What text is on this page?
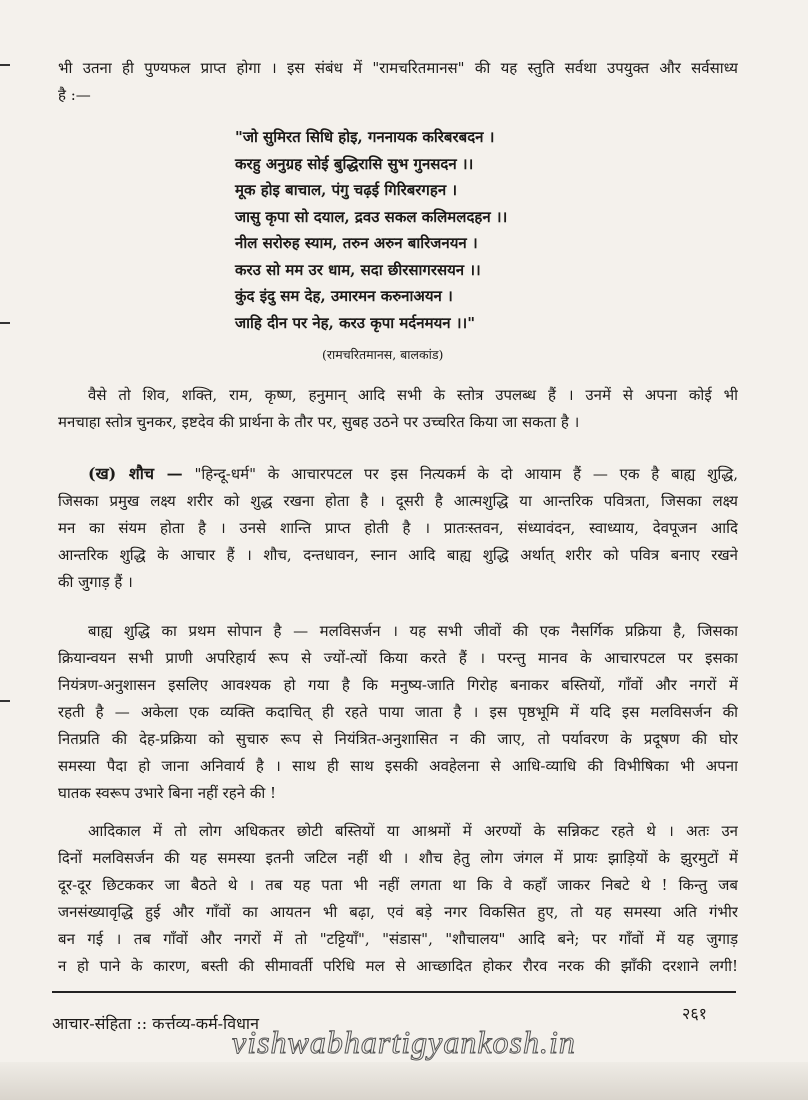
भी उतना ही पुण्यफल प्राप्त होगा । इस संबंध में "रामचरितमानस" की यह स्तुति सर्वथा उपयुक्त और सर्वसाध्य
है :—
"जो सुमिरत सिधि होइ, गननायक करिबरबदन ।
करहु अनुग्रह सोई बुद्धिरासि सुभ गुनसदन ।।
मूक होइ बाचाल, पंगु चढ़ई गिरिबरगहन ।
जासु कृपा सो दयाल, द्रवउ सकल कलिमलदहन ।।
नील सरोरुह स्याम, तरुन अरुन बारिजनयन ।
करउ सो मम उर धाम, सदा छीरसागरसयन ।।
कुंद इंदु सम देह, उमारमन करुनाअयन ।
जाहि दीन पर नेह, करउ कृपा मर्दनमयन ।।"
(रामचरितमानस, बालकांड)
वैसे तो शिव, शक्ति, राम, कृष्ण, हनुमान् आदि सभी के स्तोत्र उपलब्ध हैं । उनमें से अपना कोई भी
मनचाहा स्तोत्र चुनकर, इष्टदेव की प्रार्थना के तौर पर, सुबह उठने पर उच्चरित किया जा सकता है ।
(ख) शौच — "हिन्दू-धर्म" के आचारपटल पर इस नित्यकर्म के दो आयाम हैं — एक है बाह्य शुद्धि,
जिसका प्रमुख लक्ष्य शरीर को शुद्ध रखना होता है । दूसरी है आत्मशुद्धि या आन्तरिक पवित्रता, जिसका लक्ष्य
मन का संयम होता है । उनसे शान्ति प्राप्त होती है । प्रातःस्तवन, संध्यावंदन, स्वाध्याय, देवपूजन आदि
आन्तरिक शुद्धि के आचार हैं । शौच, दन्तधावन, स्नान आदि बाह्य शुद्धि अर्थात् शरीर को पवित्र बनाए रखने
की जुगाड़ हैं ।
बाह्य शुद्धि का प्रथम सोपान है — मलविसर्जन । यह सभी जीवों की एक नैसर्गिक प्रक्रिया है, जिसका
क्रियान्वयन सभी प्राणी अपरिहार्य रूप से ज्यों-त्यों किया करते हैं । परन्तु मानव के आचारपटल पर इसका
नियंत्रण-अनुशासन इसलिए आवश्यक हो गया है कि मनुष्य-जाति गिरोह बनाकर बस्तियों, गाँवों और नगरों में
रहती है — अकेला एक व्यक्ति कदाचित् ही रहते पाया जाता है । इस पृष्ठभूमि में यदि इस मलविसर्जन की
नितप्रति की देह-प्रक्रिया को सुचारु रूप से नियंत्रित-अनुशासित न की जाए, तो पर्यावरण के प्रदूषण की घोर
समस्या पैदा हो जाना अनिवार्य है । साथ ही साथ इसकी अवहेलना से आधि-व्याधि की विभीषिका भी अपना
घातक स्वरूप उभारे बिना नहीं रहने की !
आदिकाल में तो लोग अधिकतर छोटी बस्तियों या आश्रमों में अरण्यों के सन्निकट रहते थे । अतः उन
दिनों मलविसर्जन की यह समस्या इतनी जटिल नहीं थी । शौच हेतु लोग जंगल में प्रायः झाड़ियों के झुरमुटों में
दूर-दूर छिटककर जा बैठते थे । तब यह पता भी नहीं लगता था कि वे कहाँ जाकर निबटे थे ! किन्तु जब
जनसंख्यावृद्धि हुई और गाँवों का आयतन भी बढ़ा, एवं बड़े नगर विकसित हुए, तो यह समस्या अति गंभीर
बन गई । तब गाँवों और नगरों में तो "टट्टियाँ", "संडास", "शौचालय" आदि बने; पर गाँवों में यह जुगाड़
न हो पाने के कारण, बस्ती की सीमावर्ती परिधि मल से आच्छादित होकर रौरव नरक की झाँकी दरशाने लगी!
आचार-संहिता :: कर्त्तव्य-कर्म-विधान
२६१
vishwabhartigyankosh.in
